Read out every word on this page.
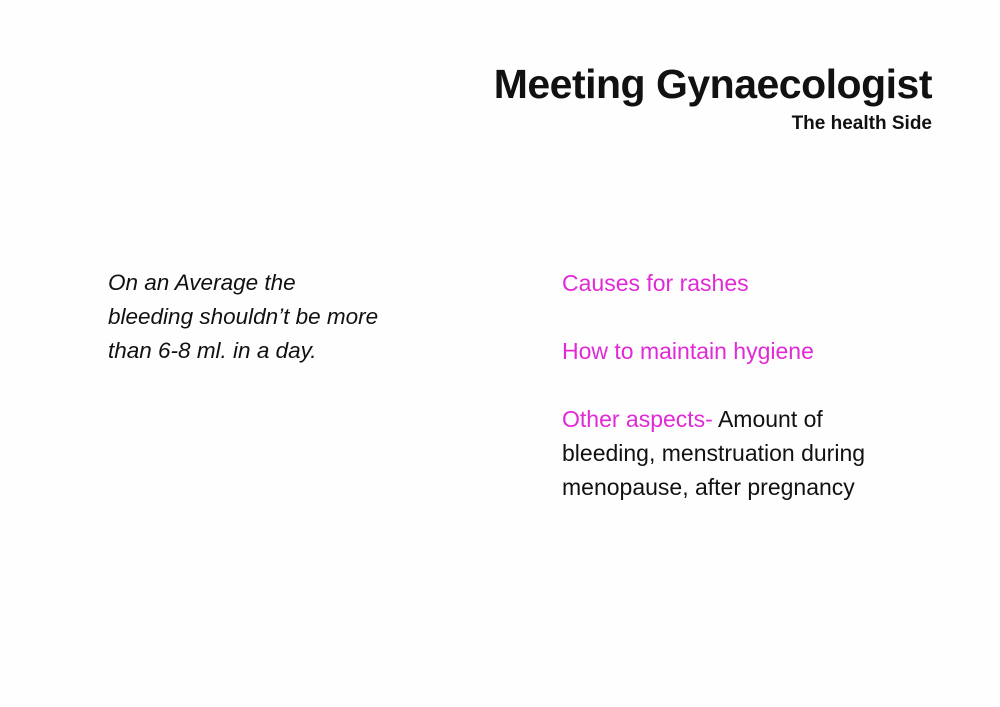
Meeting Gynaecologist
The health Side
On an Average the
bleeding shouldn’t be more
than 6-8 ml. in a day.
Causes for rashes
How to maintain hygiene
Other aspects- Amount of
bleeding, menstruation during
menopause, after pregnancy
